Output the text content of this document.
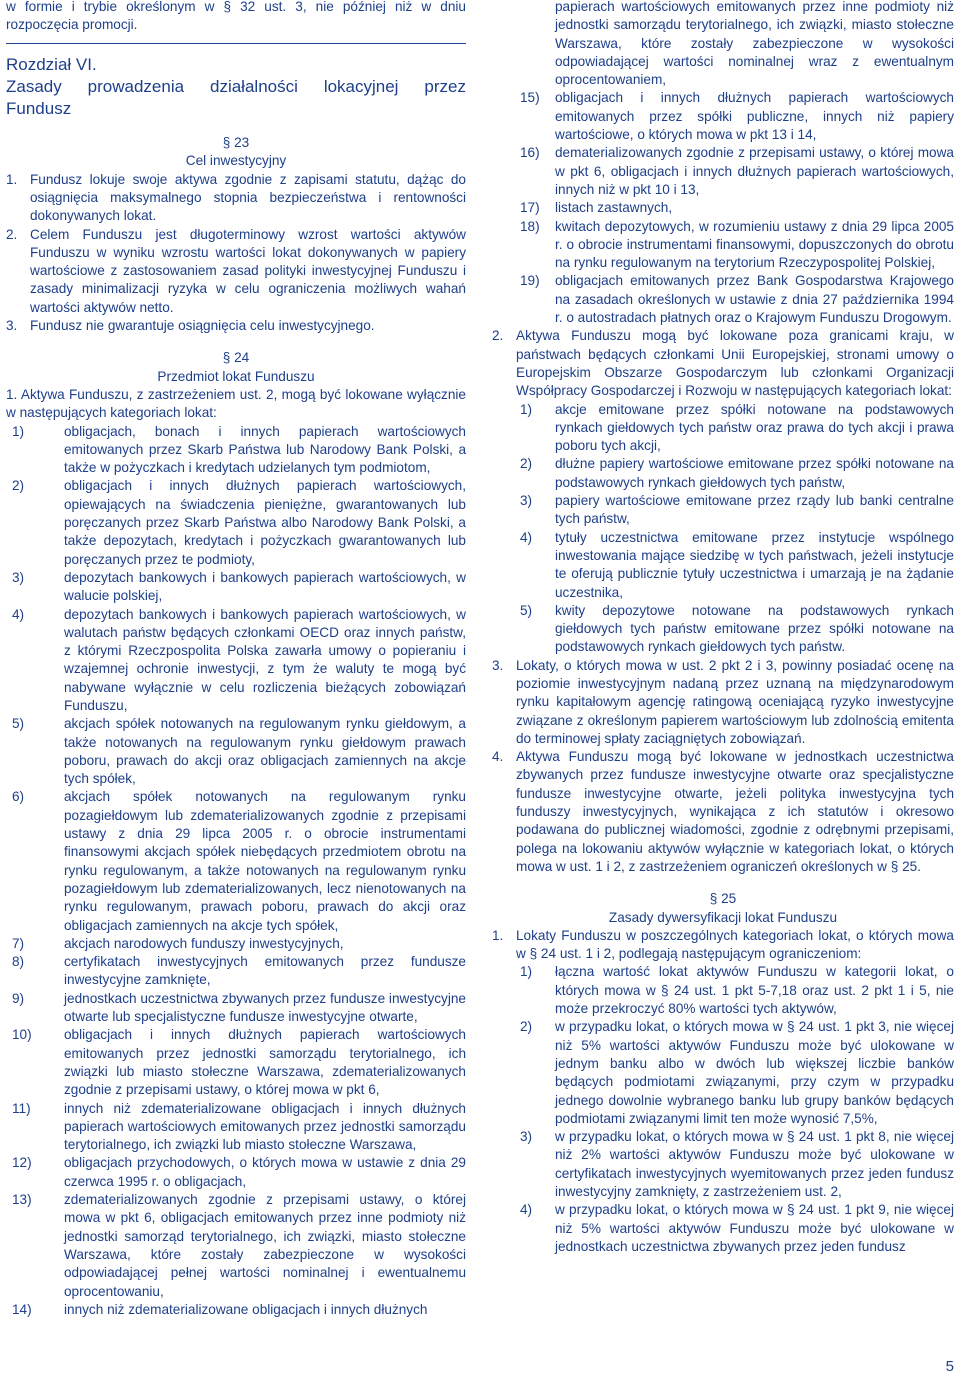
w formie i trybie określonym w § 32 ust. 3, nie później niż w dniu rozpoczęcia promocji.

Rozdział VI.

Zasady prowadzenia działalności lokacyjnej przez

Fundusz

§ 23

Cel inwestycyjny

1. Fundusz lokuje swoje aktywa zgodnie z zapisami statutu, dążąc do osiągnięcia maksymalnego stopnia bezpieczeństwa i rentowności dokonywanych lokat.
2. Celem Funduszu jest długoterminowy wzrost wartości aktywów Funduszu w wyniku wzrostu wartości lokat dokonywanych w papiery wartościowe z zastosowaniem zasad polityki inwestycyjnej Funduszu i zasady minimalizacji ryzyka w celu ograniczenia możliwych wahań wartości aktywów netto.
3. Fundusz nie gwarantuje osiągnięcia celu inwestycyjnego.

§ 24

Przedmiot lokat Funduszu

1. Aktywa Funduszu, z zastrzeżeniem ust. 2, mogą być lokowane wyłącznie w następujących kategoriach lokat:

1)	obligacjach, bonach i innych papierach wartościowych emitowanych przez Skarb Państwa lub Narodowy Bank Polski, a także w pożyczkach i kredytach udzielanych tym podmiotom,
2)	obligacjach i innych dłużnych papierach wartościowych, opiewających na świadczenia pieniężne, gwarantowanych lub poręczanych przez Skarb Państwa albo Narodowy Bank Polski, a także depozytach, kredytach i pożyczkach gwarantowanych lub poręczanych przez te podmioty,
3)	depozytach bankowych i bankowych papierach wartościowych, w walucie polskiej,
4)	depozytach bankowych i bankowych papierach wartościowych, w walutach państw będących członkami OECD oraz innych państw, z którymi Rzeczpospolita Polska zawarła umowy o popieraniu i wzajemnej ochronie inwestycji, z tym że waluty te mogą być nabywane wyłącznie w celu rozliczenia bieżących zobowiązań Funduszu,
5)	akcjach spółek notowanych na regulowanym rynku giełdowym, a także notowanych na regulowanym rynku giełdowym prawach poboru, prawach do akcji oraz obligacjach zamiennych na akcje tych spółek,
6)	akcjach spółek notowanych na regulowanym rynku pozagiełdowym lub zdematerializowanych zgodnie z przepisami ustawy z dnia 29 lipca 2005 r. o obrocie instrumentami finansowymi akcjach spółek niebędących przedmiotem obrotu na rynku regulowanym, a także notowanych na regulowanym rynku pozagiełdowym lub zdematerializowanych, lecz nienotowanych na rynku regulowanym, prawach poboru, prawach do akcji oraz obligacjach zamiennych na akcje tych spółek,
7)	akcjach narodowych funduszy inwestycyjnych,
8)	certyfikatach inwestycyjnych emitowanych przez fundusze inwestycyjne zamknięte,
9)	jednostkach uczestnictwa zbywanych przez fundusze inwestycyjne otwarte lub specjalistyczne fundusze inwestycyjne otwarte,
10)	obligacjach i innych dłużnych papierach wartościowych emitowanych przez jednostki samorządu terytorialnego, ich związki lub miasto stołeczne Warszawa, zdematerializowanych zgodnie z przepisami ustawy, o której mowa w pkt 6,
11)	innych niż zdematerializowane obligacjach i innych dłużnych papierach wartościowych emitowanych przez jednostki samorządu terytorialnego, ich związki lub miasto stołeczne Warszawa,
12)	obligacjach przychodowych, o których mowa w ustawie z dnia 29 czerwca 1995 r. o obligacjach,
13)	zdematerializowanych zgodnie z przepisami ustawy, o której mowa w pkt 6, obligacjach emitowanych przez inne podmioty niż jednostki samorząd terytorialnego, ich związki, miasto stołeczne Warszawa, które zostały zabezpieczone w wysokości odpowiadającej pełnej wartości nominalnej i ewentualnemu oprocentowaniu,
14)	innych niż zdematerializowane obligacjach i innych dłużnych

papierach wartościowych emitowanych przez inne podmioty niż jednostki samorządu terytorialnego, ich związki, miasto stołeczne Warszawa, które zostały zabezpieczone w wysokości odpowiadającej wartości nominalnej wraz z ewentualnym oprocentowaniem,

15)	obligacjach i innych dłużnych papierach wartościowych emitowanych przez spółki publiczne, innych niż papiery wartościowe, o których mowa w pkt 13 i 14,
16)	dematerializowanych zgodnie z przepisami ustawy, o której mowa w pkt 6, obligacjach i innych dłużnych papierach wartościowych, innych niż w pkt 10 i 13,
17)	listach zastawnych,
18)	kwitach depozytowych, w rozumieniu ustawy z dnia 29 lipca 2005 r. o obrocie instrumentami finansowymi, dopuszczonych do obrotu na rynku regulowanym na terytorium Rzeczypospolitej Polskiej,
19)	obligacjach emitowanych przez Bank Gospodarstwa Krajowego na zasadach określonych w ustawie z dnia 27 października 1994 r. o autostradach płatnych oraz o Krajowym Funduszu Drogowym.
2. Aktywa Funduszu mogą być lokowane poza granicami kraju, w państwach będących członkami Unii Europejskiej, stronami umowy o Europejskim Obszarze Gospodarczym lub członkami Organizacji Współpracy Gospodarczej i Rozwoju w następujących kategoriach lokat:
1)	akcje emitowane przez spółki notowane na podstawowych rynkach giełdowych tych państw oraz prawa do tych akcji i prawa poboru tych akcji,
2)	dłużne papiery wartościowe emitowane przez spółki notowane na podstawowych rynkach giełdowych tych państw,
3)	papiery wartościowe emitowane przez rządy lub banki centralne tych państw,
4)	tytuły uczestnictwa emitowane przez instytucje wspólnego inwestowania mające siedzibę w tych państwach, jeżeli instytucje te oferują publicznie tytuły uczestnictwa i umarzają je na żądanie uczestnika,
5)	kwity depozytowe notowane na podstawowych rynkach giełdowych tych państw emitowane przez spółki notowane na podstawowych rynkach giełdowych tych państw.
3. Lokaty, o których mowa w ust. 2 pkt 2 i 3, powinny posiadać ocenę na poziomie inwestycyjnym nadaną przez uznaną na międzynarodowym rynku kapitałowym agencję ratingową oceniającą ryzyko inwestycyjne związane z określonym papierem wartościowym lub zdolnością emitenta do terminowej spłaty zaciągniętych zobowiązań.
4. Aktywa Funduszu mogą być lokowane w jednostkach uczestnictwa zbywanych przez fundusze inwestycyjne otwarte oraz specjalistyczne fundusze inwestycyjne otwarte, jeżeli polityka inwestycyjna tych funduszy inwestycyjnych, wynikająca z ich statutów i okresowo podawana do publicznej wiadomości, zgodnie z odrębnymi przepisami, polega na lokowaniu aktywów wyłącznie w kategoriach lokat, o których mowa w ust. 1 i 2, z zastrzeżeniem ograniczeń określonych w § 25.

§ 25

Zasady dywersyfikacji lokat Funduszu

1. Lokaty Funduszu w poszczególnych kategoriach lokat, o których mowa w § 24 ust. 1 i 2, podlegają następującym ograniczeniom:
1)	łączna wartość lokat aktywów Funduszu w kategorii lokat, o których mowa w § 24 ust. 1 pkt 5-7,18 oraz ust. 2 pkt 1 i 5, nie może przekroczyć 80% wartości tych aktywów,
2)	w przypadku lokat, o których mowa w § 24 ust. 1 pkt 3, nie więcej niż 5% wartości aktywów Funduszu może być ulokowane w jednym banku albo w dwóch lub większej liczbie banków będących podmiotami związanymi, przy czym w przypadku jednego dowolnie wybranego banku lub grupy banków będących podmiotami związanymi limit ten może wynosić 7,5%,
3)	w przypadku lokat, o których mowa w § 24 ust. 1 pkt 8, nie więcej niż 2% wartości aktywów Funduszu może być ulokowane w certyfikatach inwestycyjnych wyemitowanych przez jeden fundusz inwestycyjny zamknięty, z zastrzeżeniem ust. 2,
4)	w przypadku lokat, o których mowa w § 24 ust. 1 pkt 9, nie więcej niż 5% wartości aktywów Funduszu może być ulokowane w jednostkach uczestnictwa zbywanych przez jeden fundusz
5
